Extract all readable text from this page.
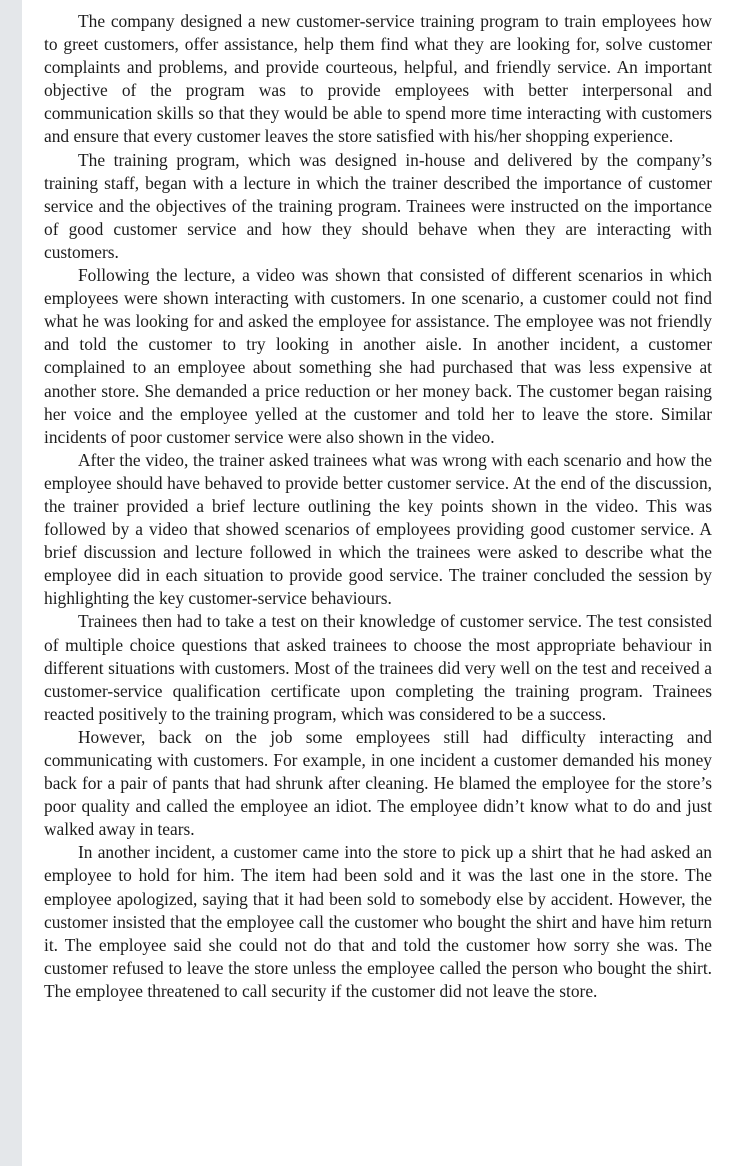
The company designed a new customer-service training program to train employees how to greet customers, offer assistance, help them find what they are looking for, solve customer complaints and problems, and provide courteous, helpful, and friendly service. An important objective of the program was to provide employees with better interpersonal and communication skills so that they would be able to spend more time interacting with customers and ensure that every customer leaves the store satisfied with his/her shopping experience.

The training program, which was designed in-house and delivered by the company’s training staff, began with a lecture in which the trainer described the importance of customer service and the objectives of the training program. Trainees were instructed on the importance of good customer service and how they should behave when they are interacting with customers.

Following the lecture, a video was shown that consisted of different scenarios in which employees were shown interacting with customers. In one scenario, a customer could not find what he was looking for and asked the employee for assistance. The employee was not friendly and told the customer to try looking in another aisle. In another incident, a customer complained to an employee about something she had purchased that was less expensive at another store. She demanded a price reduction or her money back. The customer began raising her voice and the employee yelled at the customer and told her to leave the store. Similar incidents of poor customer service were also shown in the video.

After the video, the trainer asked trainees what was wrong with each scenario and how the employee should have behaved to provide better customer service. At the end of the discussion, the trainer provided a brief lecture outlining the key points shown in the video. This was followed by a video that showed scenarios of employees providing good customer service. A brief discussion and lecture followed in which the trainees were asked to describe what the employee did in each situation to provide good service. The trainer concluded the session by highlighting the key customer-service behaviours.

Trainees then had to take a test on their knowledge of customer service. The test consisted of multiple choice questions that asked trainees to choose the most appropriate behaviour in different situations with customers. Most of the trainees did very well on the test and received a customer-service qualification certificate upon completing the training program. Trainees reacted positively to the training program, which was considered to be a success.

However, back on the job some employees still had difficulty interacting and communicating with customers. For example, in one incident a customer demanded his money back for a pair of pants that had shrunk after cleaning. He blamed the employee for the store’s poor quality and called the employee an idiot. The employee didn’t know what to do and just walked away in tears.

In another incident, a customer came into the store to pick up a shirt that he had asked an employee to hold for him. The item had been sold and it was the last one in the store. The employee apologized, saying that it had been sold to somebody else by accident. However, the customer insisted that the employee call the customer who bought the shirt and have him return it. The employee said she could not do that and told the customer how sorry she was. The customer refused to leave the store unless the employee called the person who bought the shirt. The employee threatened to call security if the customer did not leave the store.
